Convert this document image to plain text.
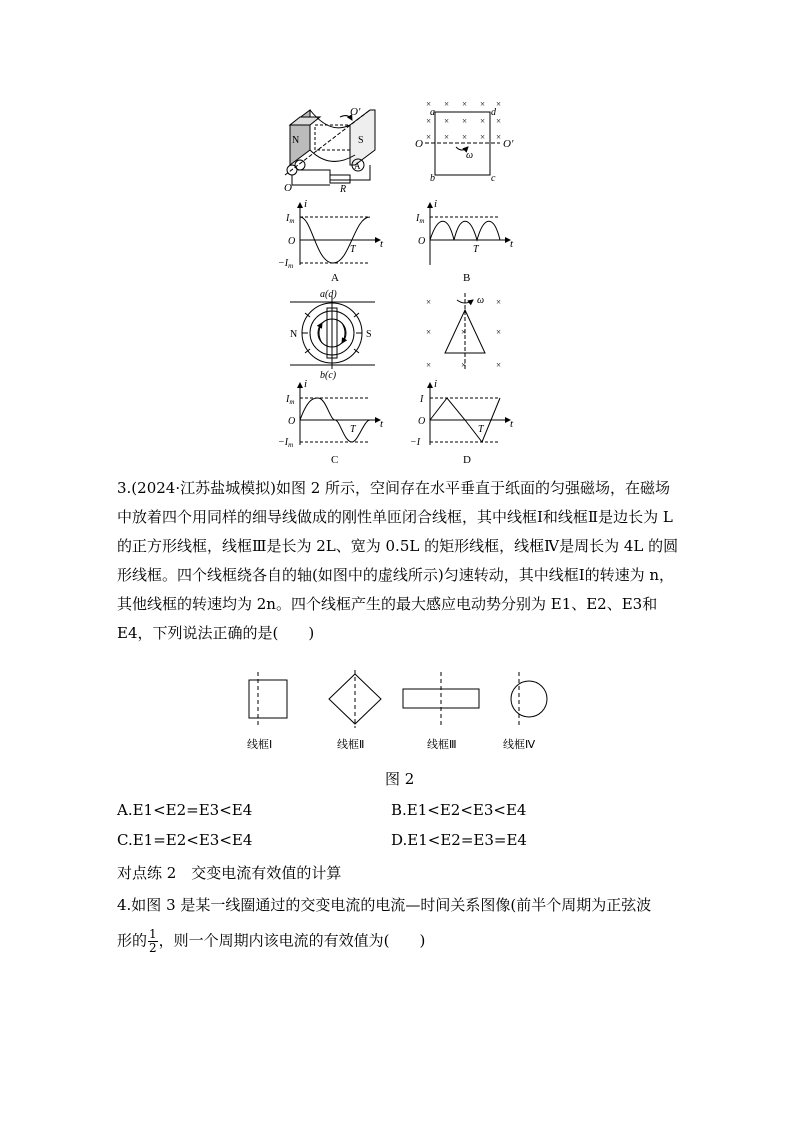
N	S
O′
A
R
O
× × × × ×
× × × × ×
× × × × ×
a	d
b	c
O	O′
ω
i
t
$I_m$
O
$-I_m$
T
A
i
t
$I_m$
O
T
B
a(d)
b(c)
N	S
×	×
×	×
×	×
×
×
ω
i
t
$I_m$
O
$-I_m$
T
C
i
t
I
O
−I
T
D
3.(2024·江苏盐城模拟)如图 2 所示，空间存在水平垂直于纸面的匀强磁场，在磁场中放着四个用同样的细导线做成的刚性单匝闭合线框，其中线框Ⅰ和线框Ⅱ是边长为 L 的正方形线框，线框Ⅲ是长为 2L、宽为 0.5L 的矩形线框，线框Ⅳ是周长为 4L 的圆形线框。四个线框绕各自的轴(如图中的虚线所示)匀速转动，其中线框Ⅰ的转速为 n，其他线框的转速均为 2n。四个线框产生的最大感应电动势分别为 E1、E2、E3和 E4，下列说法正确的是(　　)
线框Ⅰ	线框Ⅱ	线框Ⅲ	线框Ⅳ
图 2
A.E1<E2=E3<E4	B.E1<E2<E3<E4
C.E1=E2<E3<E4	D.E1<E2=E3=E4
对点练 2　交变电流有效值的计算
4.如图 3 是某一线圈通过的交变电流的电流—时间关系图像(前半个周期为正弦波
形的 $\frac{1}{2}$ ，则一个周期内该电流的有效值为(　　)
